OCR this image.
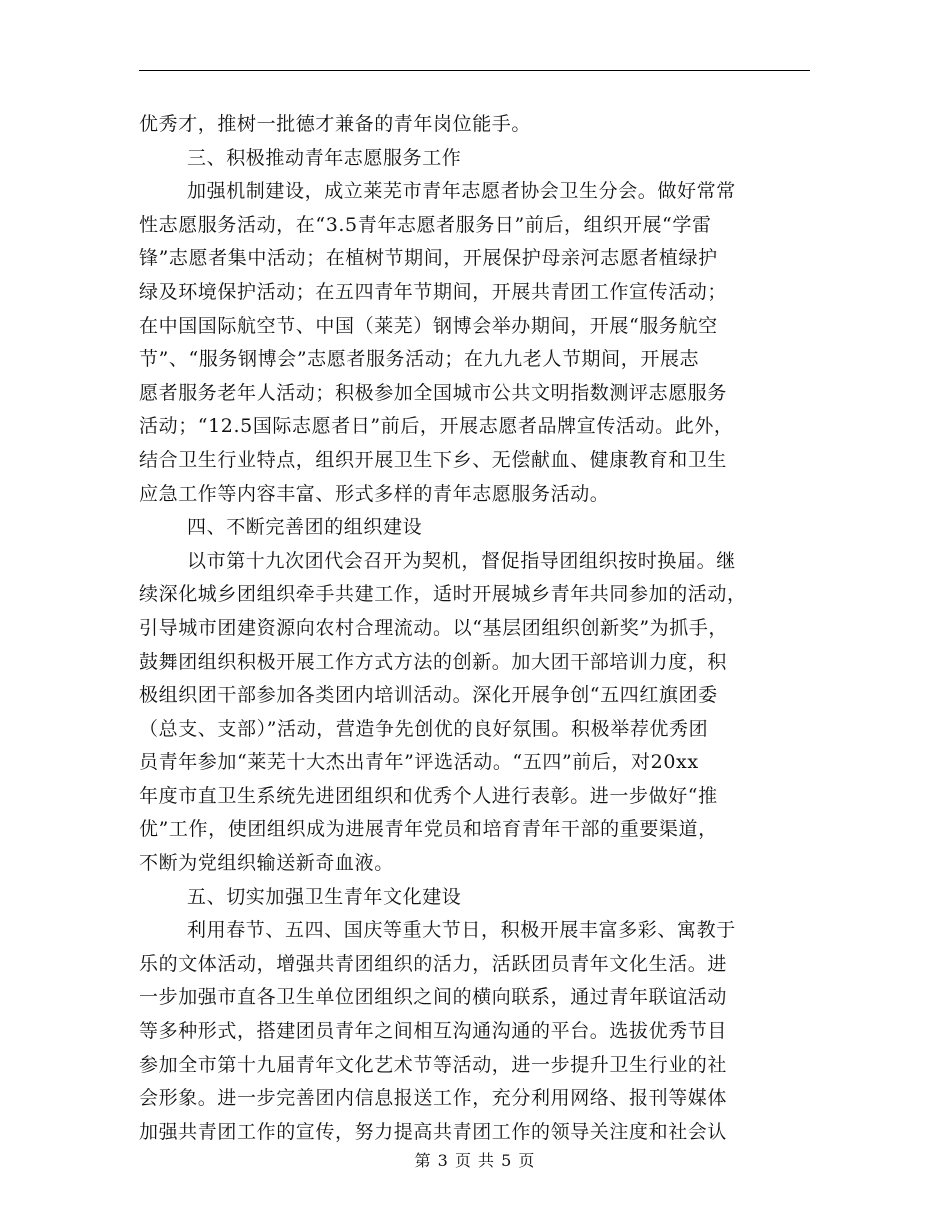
优秀才，推树一批德才兼备的青年岗位能手。
三、积极推动青年志愿服务工作
加强机制建设，成立莱芜市青年志愿者协会卫生分会。做好常常
性志愿服务活动，在“3.5青年志愿者服务日”前后，组织开展“学雷
锋”志愿者集中活动；在植树节期间，开展保护母亲河志愿者植绿护
绿及环境保护活动；在五四青年节期间，开展共青团工作宣传活动；
在中国国际航空节、中国（莱芜）钢博会举办期间，开展“服务航空
节”、“服务钢博会”志愿者服务活动；在九九老人节期间，开展志
愿者服务老年人活动；积极参加全国城市公共文明指数测评志愿服务
活动；“12.5国际志愿者日”前后，开展志愿者品牌宣传活动。此外，
结合卫生行业特点，组织开展卫生下乡、无偿献血、健康教育和卫生
应急工作等内容丰富、形式多样的青年志愿服务活动。
四、不断完善团的组织建设
以市第十九次团代会召开为契机，督促指导团组织按时换届。继
续深化城乡团组织牵手共建工作，适时开展城乡青年共同参加的活动，
引导城市团建资源向农村合理流动。以“基层团组织创新奖”为抓手，
鼓舞团组织积极开展工作方式方法的创新。加大团干部培训力度，积
极组织团干部参加各类团内培训活动。深化开展争创“五四红旗团委
（总支、支部）”活动，营造争先创优的良好氛围。积极举荐优秀团
员青年参加“莱芜十大杰出青年”评选活动。“五四”前后，对20xx
年度市直卫生系统先进团组织和优秀个人进行表彰。进一步做好“推
优”工作，使团组织成为进展青年党员和培育青年干部的重要渠道，
不断为党组织输送新奇血液。
五、切实加强卫生青年文化建设
利用春节、五四、国庆等重大节日，积极开展丰富多彩、寓教于
乐的文体活动，增强共青团组织的活力，活跃团员青年文化生活。进
一步加强市直各卫生单位团组织之间的横向联系，通过青年联谊活动
等多种形式，搭建团员青年之间相互沟通沟通的平台。选拔优秀节目
参加全市第十九届青年文化艺术节等活动，进一步提升卫生行业的社
会形象。进一步完善团内信息报送工作，充分利用网络、报刊等媒体
加强共青团工作的宣传，努力提高共青团工作的领导关注度和社会认
第 3 页 共 5 页
